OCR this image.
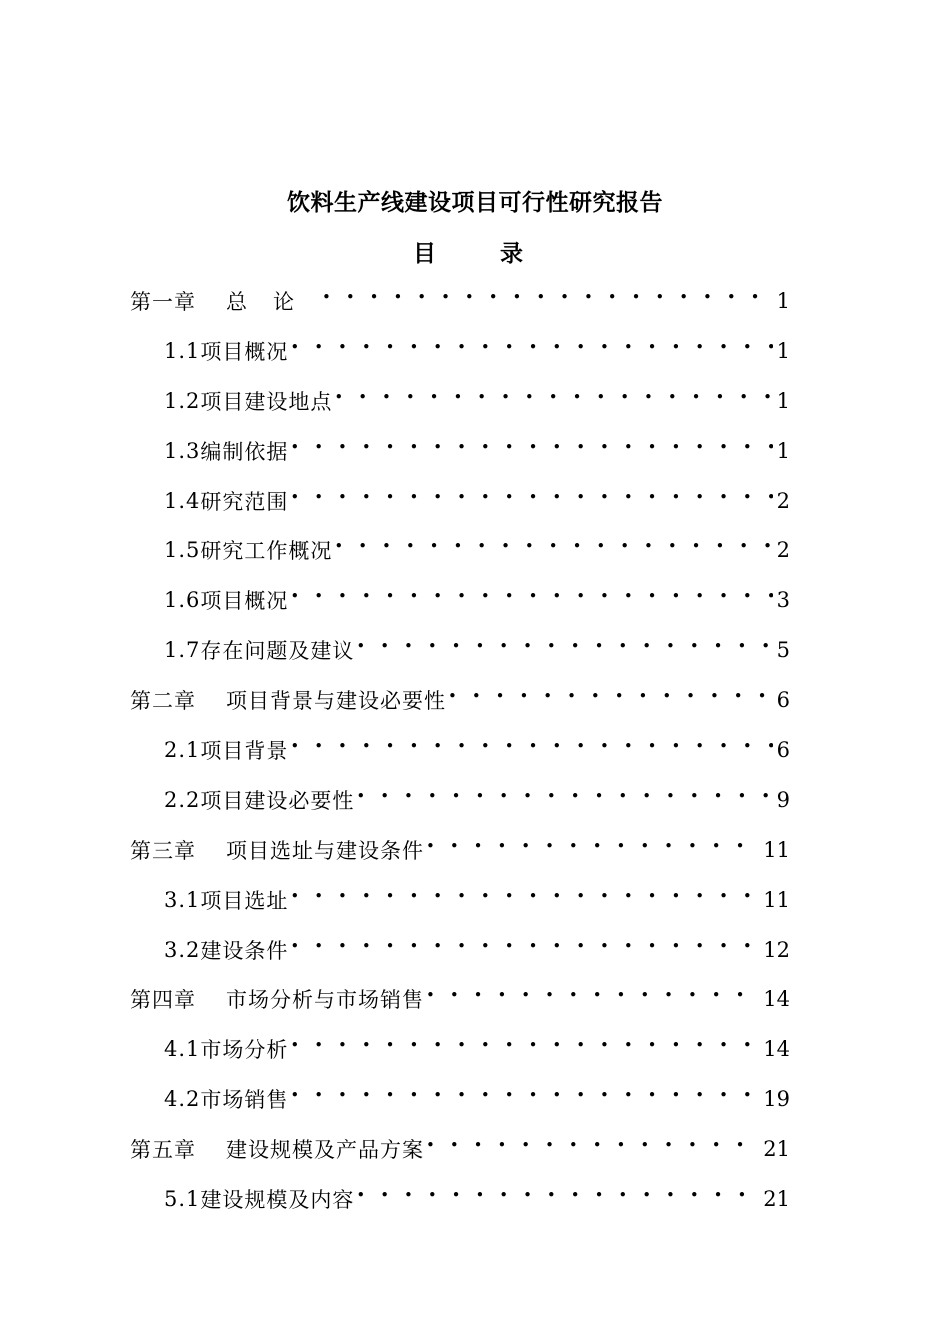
饮料生产线建设项目可行性研究报告
目 录
第一章	总论 • • •	1
1.1 项目概况 • • •	1
1.2 项目建设地点 • • •	1
1.3 编制依据 • • •	1
1.4 研究范围 • • •	2
1.5 研究工作概况 • • •	2
1.6 项目概况 • • •	3
1.7 存在问题及建议 • • •	5
第二章	项目背景与建设必要性 • • •	6
2.1 项目背景 • • •	6
2.2 项目建设必要性 • • •	9
第三章	项目选址与建设条件 • • •	11
3.1 项目选址 • • •	11
3.2 建设条件 • • •	12
第四章	市场分析与市场销售 • • •	14
4.1 市场分析 • • •	14
4.2 市场销售 • • •	19
第五章	建设规模及产品方案 • • •	21
5.1 建设规模及内容 • • •	21
